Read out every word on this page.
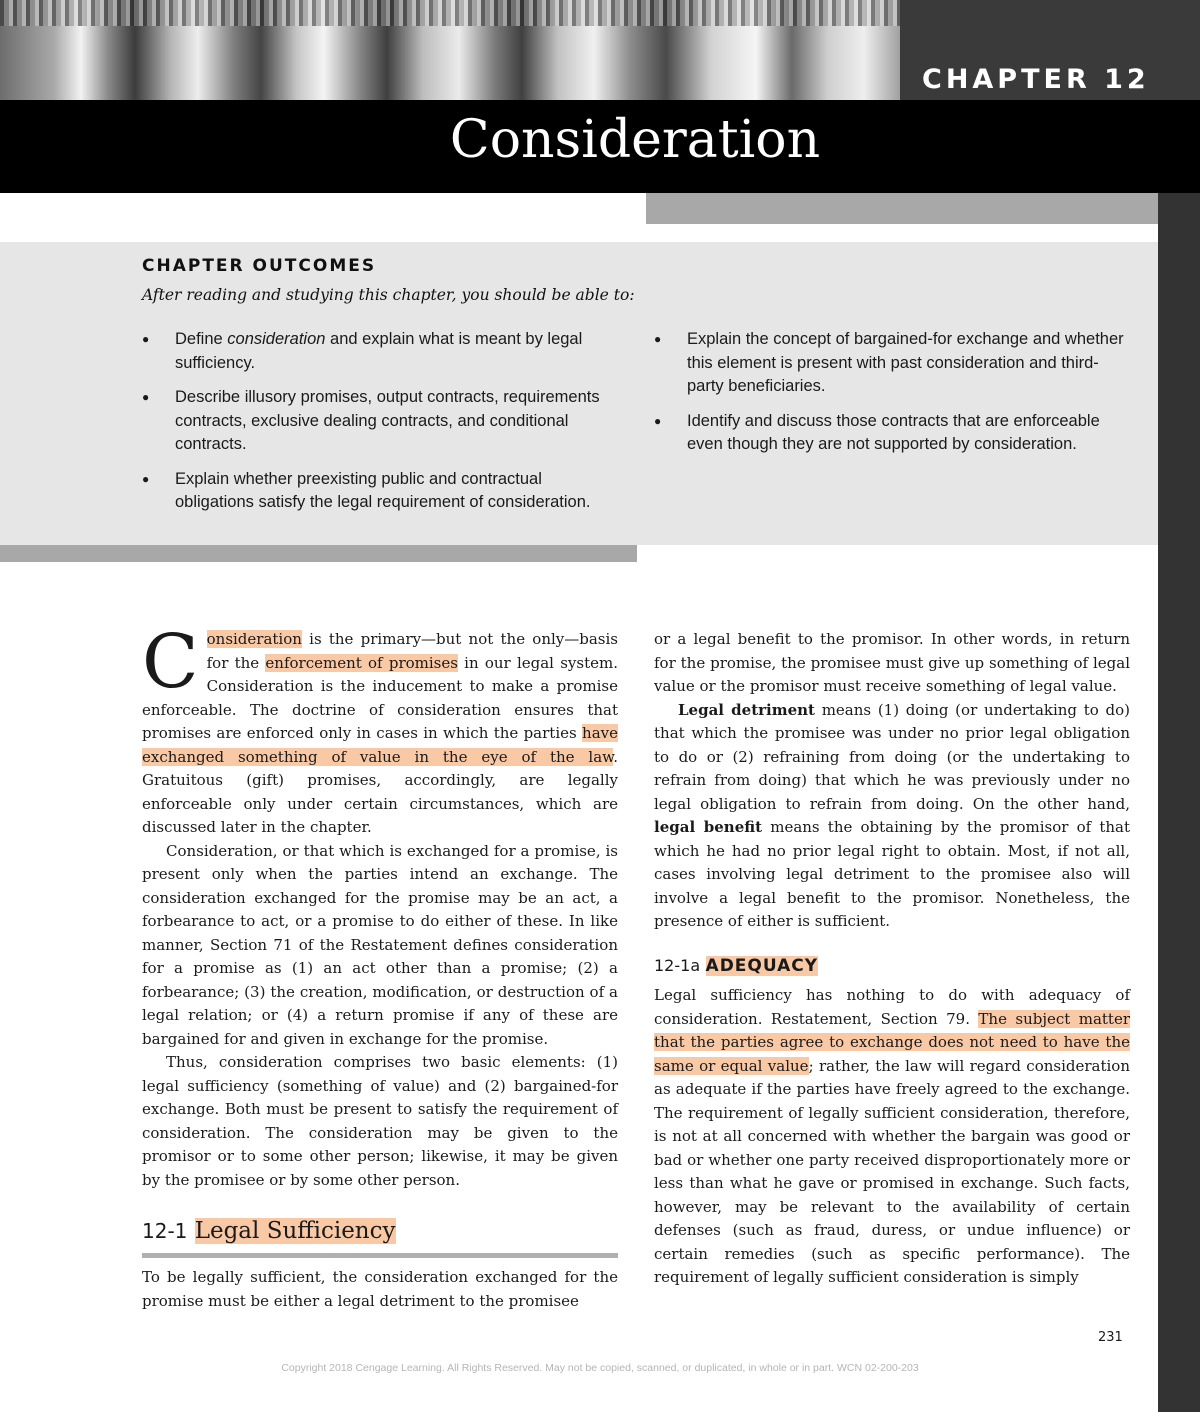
CHAPTER 12
Consideration
CHAPTER OUTCOMES
After reading and studying this chapter, you should be able to:
● Define consideration and explain what is meant by legal sufficiency.
● Describe illusory promises, output contracts, requirements contracts, exclusive dealing contracts, and conditional contracts.
● Explain whether preexisting public and contractual obligations satisfy the legal requirement of consideration.
● Explain the concept of bargained-for exchange and whether this element is present with past consideration and third-party beneficiaries.
● Identify and discuss those contracts that are enforceable even though they are not supported by consideration.

Consideration is the primary—but not the only—basis for the enforcement of promises in our legal system. Consideration is the inducement to make a promise enforceable. The doctrine of consideration ensures that promises are enforced only in cases in which the parties have exchanged something of value in the eye of the law. Gratuitous (gift) promises, accordingly, are legally enforceable only under certain circumstances, which are discussed later in the chapter.

Consideration, or that which is exchanged for a promise, is present only when the parties intend an exchange. The consideration exchanged for the promise may be an act, a forbearance to act, or a promise to do either of these. In like manner, Section 71 of the Restatement defines consideration for a promise as (1) an act other than a promise; (2) a forbearance; (3) the creation, modification, or destruction of a legal relation; or (4) a return promise if any of these are bargained for and given in exchange for the promise.

Thus, consideration comprises two basic elements: (1) legal sufficiency (something of value) and (2) bargained-for exchange. Both must be present to satisfy the requirement of consideration. The consideration may be given to the promisor or to some other person; likewise, it may be given by the promisee or by some other person.

12-1 Legal Sufficiency

To be legally sufficient, the consideration exchanged for the promise must be either a legal detriment to the promisee

or a legal benefit to the promisor. In other words, in return for the promise, the promisee must give up something of legal value or the promisor must receive something of legal value.

Legal detriment means (1) doing (or undertaking to do) that which the promisee was under no prior legal obligation to do or (2) refraining from doing (or the undertaking to refrain from doing) that which he was previously under no legal obligation to refrain from doing. On the other hand, legal benefit means the obtaining by the promisor of that which he had no prior legal right to obtain. Most, if not all, cases involving legal detriment to the promisee also will involve a legal benefit to the promisor. Nonetheless, the presence of either is sufficient.

12-1a ADEQUACY

Legal sufficiency has nothing to do with adequacy of consideration. Restatement, Section 79. The subject matter that the parties agree to exchange does not need to have the same or equal value; rather, the law will regard consideration as adequate if the parties have freely agreed to the exchange. The requirement of legally sufficient consideration, therefore, is not at all concerned with whether the bargain was good or bad or whether one party received disproportionately more or less than what he gave or promised in exchange. Such facts, however, may be relevant to the availability of certain defenses (such as fraud, duress, or undue influence) or certain remedies (such as specific performance). The requirement of legally sufficient consideration is simply

231
Copyright 2018 Cengage Learning. All Rights Reserved. May not be copied, scanned, or duplicated, in whole or in part. WCN 02-200-203
